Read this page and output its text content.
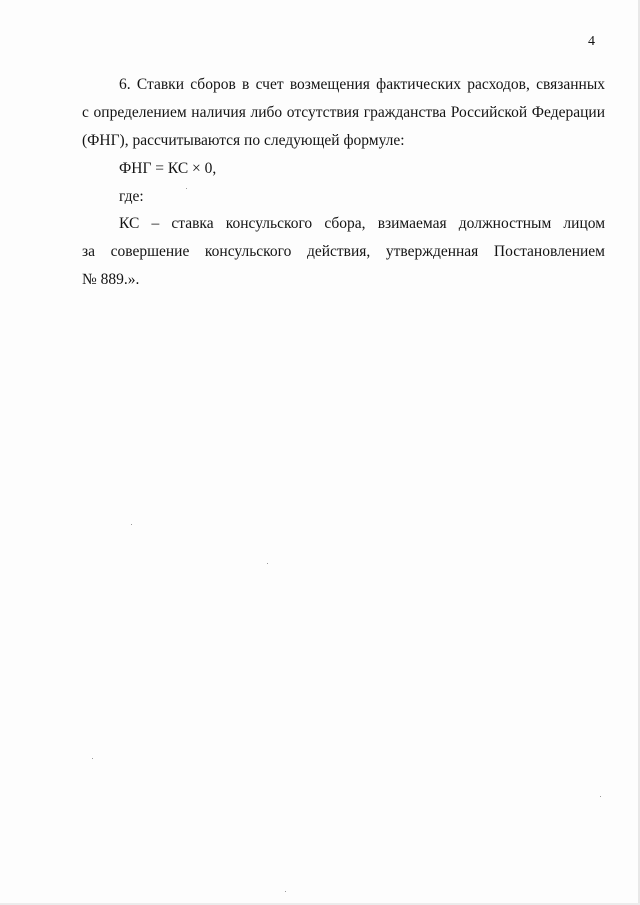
4
6. Ставки сборов в счет возмещения фактических расходов, связанных
с определением наличия либо отсутствия гражданства Российской Федерации
(ФНГ), рассчитываются по следующей формуле:
ФНГ = КС × 0,
где:
КС – ставка консульского сбора, взимаемая должностным лицом
за совершение консульского действия, утвержденная Постановлением
№ 889.».
